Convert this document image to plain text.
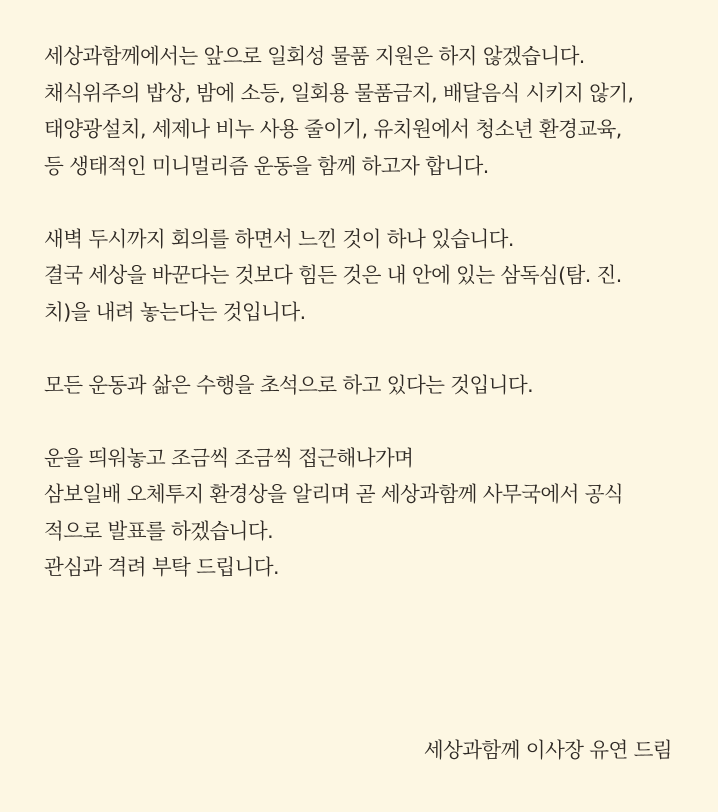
세상과함께에서는 앞으로 일회성 물품 지원은 하지 않겠습니다.
채식위주의 밥상, 밤에 소등, 일회용 물품금지, 배달음식 시키지 않기,
태양광설치, 세제나 비누 사용 줄이기, 유치원에서 청소년 환경교육,
등 생태적인 미니멀리즘 운동을 함께 하고자 합니다.
새벽 두시까지 회의를 하면서 느낀 것이 하나 있습니다.
결국 세상을 바꾼다는 것보다 힘든 것은 내 안에 있는 삼독심(탐. 진.
치)을 내려 놓는다는 것입니다.
모든 운동과 삶은 수행을 초석으로 하고 있다는 것입니다.
운을 띄워놓고 조금씩 조금씩 접근해나가며
삼보일배 오체투지 환경상을 알리며 곧 세상과함께 사무국에서 공식
적으로 발표를 하겠습니다.
관심과 격려 부탁 드립니다.
세상과함께 이사장 유연 드림
